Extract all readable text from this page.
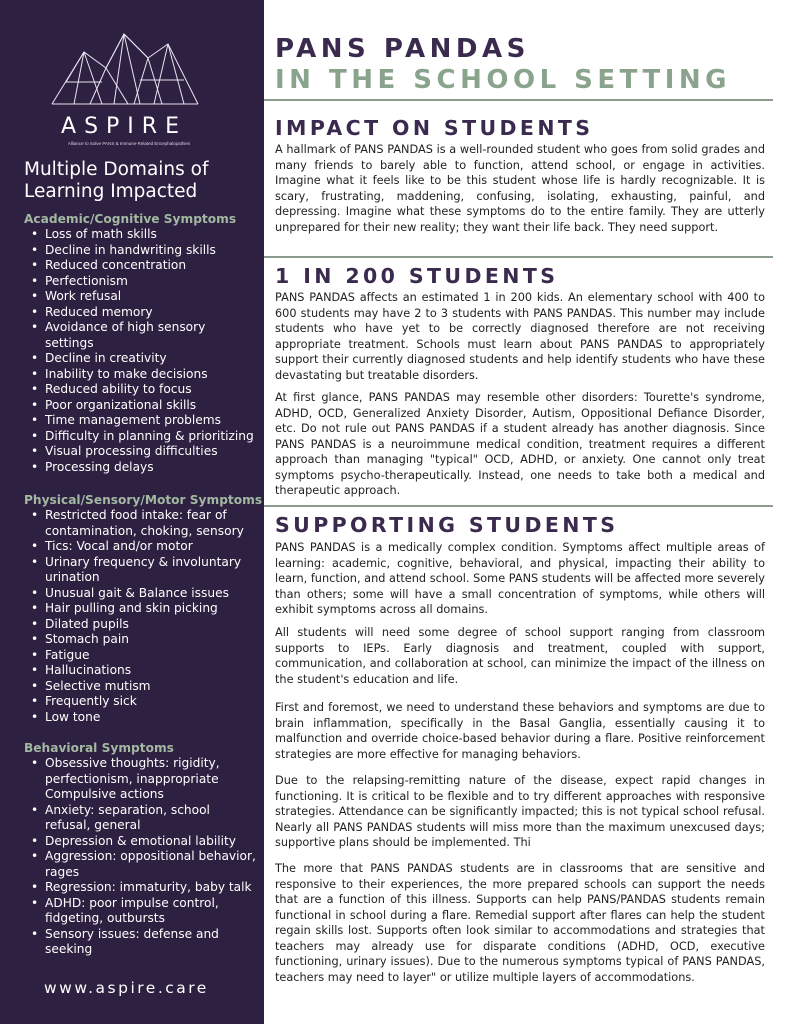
ASPIRE
Alliance to Solve PANS & Immune-Related Encephalopathies
Multiple Domains of Learning Impacted
Academic/Cognitive Symptoms
• Loss of math skills
• Decline in handwriting skills
• Reduced concentration
• Perfectionism
• Work refusal
• Reduced memory
• Avoidance of high sensory settings
• Decline in creativity
• Inability to make decisions
• Reduced ability to focus
• Poor organizational skills
• Time management problems
• Difficulty in planning & prioritizing
• Visual processing difficulties
• Processing delays
Physical/Sensory/Motor Symptoms
• Restricted food intake: fear of contamination, choking, sensory
• Tics: Vocal and/or motor
• Urinary frequency & involuntary urination
• Unusual gait & Balance issues
• Hair pulling and skin picking
• Dilated pupils
• Stomach pain
• Fatigue
• Hallucinations
• Selective mutism
• Frequently sick
• Low tone
Behavioral Symptoms
• Obsessive thoughts: rigidity, perfectionism, inappropriate Compulsive actions
• Anxiety: separation, school refusal, general
• Depression & emotional lability
• Aggression: oppositional behavior, rages
• Regression: immaturity, baby talk
• ADHD: poor impulse control, fidgeting, outbursts
• Sensory issues: defense and seeking
www.aspire.care
PANS PANDAS
IN THE SCHOOL SETTING
IMPACT ON STUDENTS

A hallmark of PANS PANDAS is a well-rounded student who goes from solid grades and many friends to barely able to function, attend school, or engage in activities. Imagine what it feels like to be this student whose life is hardly recognizable. It is scary, frustrating, maddening, confusing, isolating, exhausting, painful, and depressing. Imagine what these symptoms do to the entire family. They are utterly unprepared for their new reality; they want their life back. They need support.

1 IN 200 STUDENTS

PANS PANDAS affects an estimated 1 in 200 kids. An elementary school with 400 to 600 students may have 2 to 3 students with PANS PANDAS. This number may include students who have yet to be correctly diagnosed therefore are not receiving appropriate treatment. Schools must learn about PANS PANDAS to appropriately support their currently diagnosed students and help identify students who have these devastating but treatable disorders.

At first glance, PANS PANDAS may resemble other disorders: Tourette's syndrome, ADHD, OCD, Generalized Anxiety Disorder, Autism, Oppositional Defiance Disorder, etc. Do not rule out PANS PANDAS if a student already has another diagnosis. Since PANS PANDAS is a neuroimmune medical condition, treatment requires a different approach than managing "typical" OCD, ADHD, or anxiety. One cannot only treat symptoms psycho-therapeutically. Instead, one needs to take both a medical and therapeutic approach.

SUPPORTING STUDENTS

PANS PANDAS is a medically complex condition. Symptoms affect multiple areas of learning: academic, cognitive, behavioral, and physical, impacting their ability to learn, function, and attend school. Some PANS students will be affected more severely than others; some will have a small concentration of symptoms, while others will exhibit symptoms across all domains.

All students will need some degree of school support ranging from classroom supports to IEPs. Early diagnosis and treatment, coupled with support, communication, and collaboration at school, can minimize the impact of the illness on the student's education and life.

First and foremost, we need to understand these behaviors and symptoms are due to brain inflammation, specifically in the Basal Ganglia, essentially causing it to malfunction and override choice-based behavior during a flare. Positive reinforcement strategies are more effective for managing behaviors.

Due to the relapsing-remitting nature of the disease, expect rapid changes in functioning. It is critical to be flexible and to try different approaches with responsive strategies. Attendance can be significantly impacted; this is not typical school refusal. Nearly all PANS PANDAS students will miss more than the maximum unexcused days; supportive plans should be implemented. Thi

The more that PANS PANDAS students are in classrooms that are sensitive and responsive to their experiences, the more prepared schools can support the needs that are a function of this illness. Supports can help PANS/PANDAS students remain functional in school during a flare. Remedial support after flares can help the student regain skills lost. Supports often look similar to accommodations and strategies that teachers may already use for disparate conditions (ADHD, OCD, executive functioning, urinary issues). Due to the numerous symptoms typical of PANS PANDAS, teachers may need to layer" or utilize multiple layers of accommodations.
